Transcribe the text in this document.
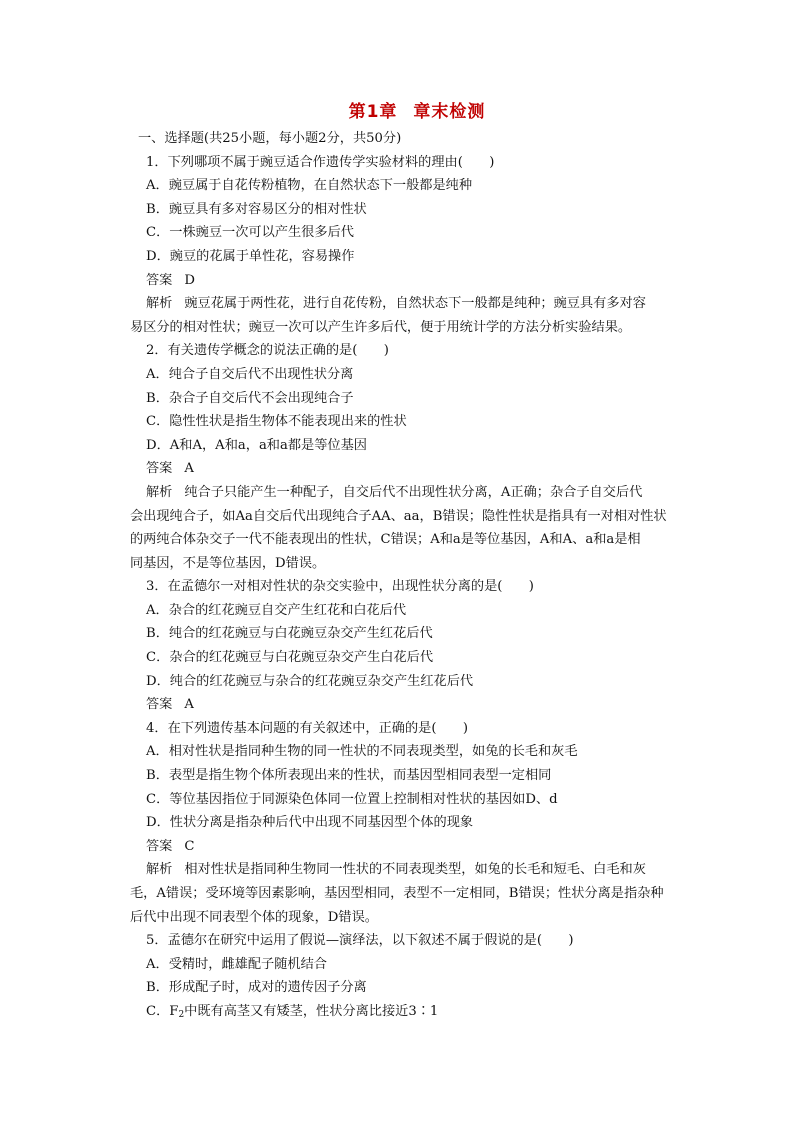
第1章 章末检测
一、选择题(共25小题，每小题2分，共50分)
1．下列哪项不属于豌豆适合作遗传学实验材料的理由(　　)
A．豌豆属于自花传粉植物，在自然状态下一般都是纯种
B．豌豆具有多对容易区分的相对性状
C．一株豌豆一次可以产生很多后代
D．豌豆的花属于单性花，容易操作
答案 D
解析 豌豆花属于两性花，进行自花传粉，自然状态下一般都是纯种；豌豆具有多对容
易区分的相对性状；豌豆一次可以产生许多后代，便于用统计学的方法分析实验结果。
2．有关遗传学概念的说法正确的是(　　)
A．纯合子自交后代不出现性状分离
B．杂合子自交后代不会出现纯合子
C．隐性性状是指生物体不能表现出来的性状
D．A和A，A和a，a和a都是等位基因
答案 A
解析 纯合子只能产生一种配子，自交后代不出现性状分离，A正确；杂合子自交后代
会出现纯合子，如Aa自交后代出现纯合子AA、aa，B错误；隐性性状是指具有一对相对性状
的两纯合体杂交子一代不能表现出的性状，C错误；A和a是等位基因，A和A、a和a是相
同基因，不是等位基因，D错误。
3．在孟德尔一对相对性状的杂交实验中，出现性状分离的是(　　)
A．杂合的红花豌豆自交产生红花和白花后代
B．纯合的红花豌豆与白花豌豆杂交产生红花后代
C．杂合的红花豌豆与白花豌豆杂交产生白花后代
D．纯合的红花豌豆与杂合的红花豌豆杂交产生红花后代
答案 A
4．在下列遗传基本问题的有关叙述中，正确的是(　　)
A．相对性状是指同种生物的同一性状的不同表现类型，如兔的长毛和灰毛
B．表型是指生物个体所表现出来的性状，而基因型相同表型一定相同
C．等位基因指位于同源染色体同一位置上控制相对性状的基因如D、d
D．性状分离是指杂种后代中出现不同基因型个体的现象
答案 C
解析 相对性状是指同种生物同一性状的不同表现类型，如兔的长毛和短毛、白毛和灰
毛，A错误；受环境等因素影响，基因型相同，表型不一定相同，B错误；性状分离是指杂种
后代中出现不同表型个体的现象，D错误。
5．孟德尔在研究中运用了假说—演绎法，以下叙述不属于假说的是(　　)
A．受精时，雌雄配子随机结合
B．形成配子时，成对的遗传因子分离
C．$F_2$中既有高茎又有矮茎，性状分离比接近3∶1
